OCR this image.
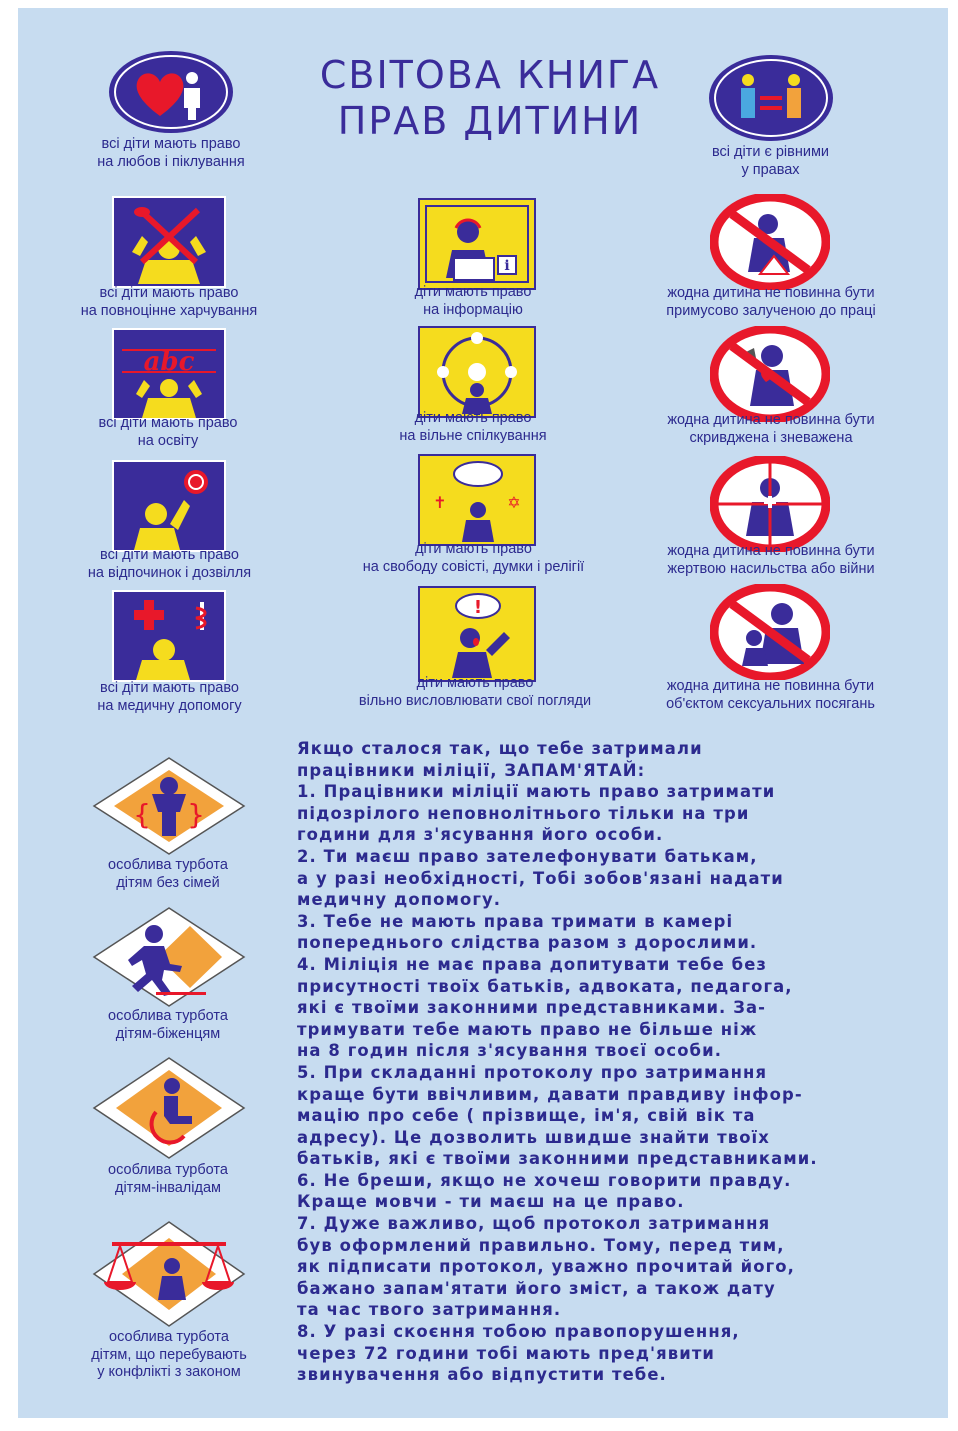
СВІТОВА КНИГА
ПРАВ ДИТИНИ
всі діти мають право
на любов і піклування
всі діти є рівними
у правах
всі діти мають право
на повноцінне харчування
i
діти мають право
на інформацію
жодна дитина не повинна бути
примусово залученою до праці
abc
всі діти мають право
на освіту
діти мають право
на вільне спілкування
жодна дитина не повинна бути
скривджена і зневажена
всі діти мають право
на відпочинок і дозвілля
✝	✡
діти мають право
на свободу совісті, думки і релігії
жодна дитина не повинна бути
жертвою насильства або війни
всі діти мають право
на медичну допомогу
!
діти мають право
вільно висловлювати свої погляди
жодна дитина не повинна бути
об'єктом сексуальних посягань
{ }
особлива турбота
дітям без сімей
особлива турбота
дітям-біженцям
особлива турбота
дітям-інвалідам
особлива турбота
дітям, що перебувають
у конфлікті з законом
Якщо сталося так, що тебе затримали
працівники міліції, ЗАПАМ'ЯТАЙ:
1. Працівники міліції мають право затримати
підозрілого неповнолітнього тільки на три
години для з'ясування його особи.
2. Ти маєш право зателефонувати батькам,
а у разі необхідності, Тобі зобов'язані надати
медичну допомогу.
3. Тебе не мають права тримати в камері
попереднього слідства разом з дорослими.
4. Міліція не має права допитувати тебе без
присутності твоїх батьків, адвоката, педагога,
які є твоїми законними представниками. За-
тримувати тебе мають право не більше ніж
на 8 годин після з'ясування твоєї особи.
5. При складанні протоколу про затримання
краще бути ввічливим, давати правдиву інфор-
мацію про себе ( прізвище, ім'я, свій вік та
адресу). Це дозволить швидше знайти твоїх
батьків, які є твоїми законними представниками.
6. Не бреши, якщо не хочеш говорити правду.
Краще мовчи - ти маєш на це право.
7. Дуже важливо, щоб протокол затримання
був оформлений правильно. Тому, перед тим,
як підписати протокол, уважно прочитай його,
бажано запам'ятати його зміст, а також дату
та час твого затримання.
8. У разі скоєння тобою правопорушення,
через 72 години тобі мають пред'явити
звинувачення або відпустити тебе.
